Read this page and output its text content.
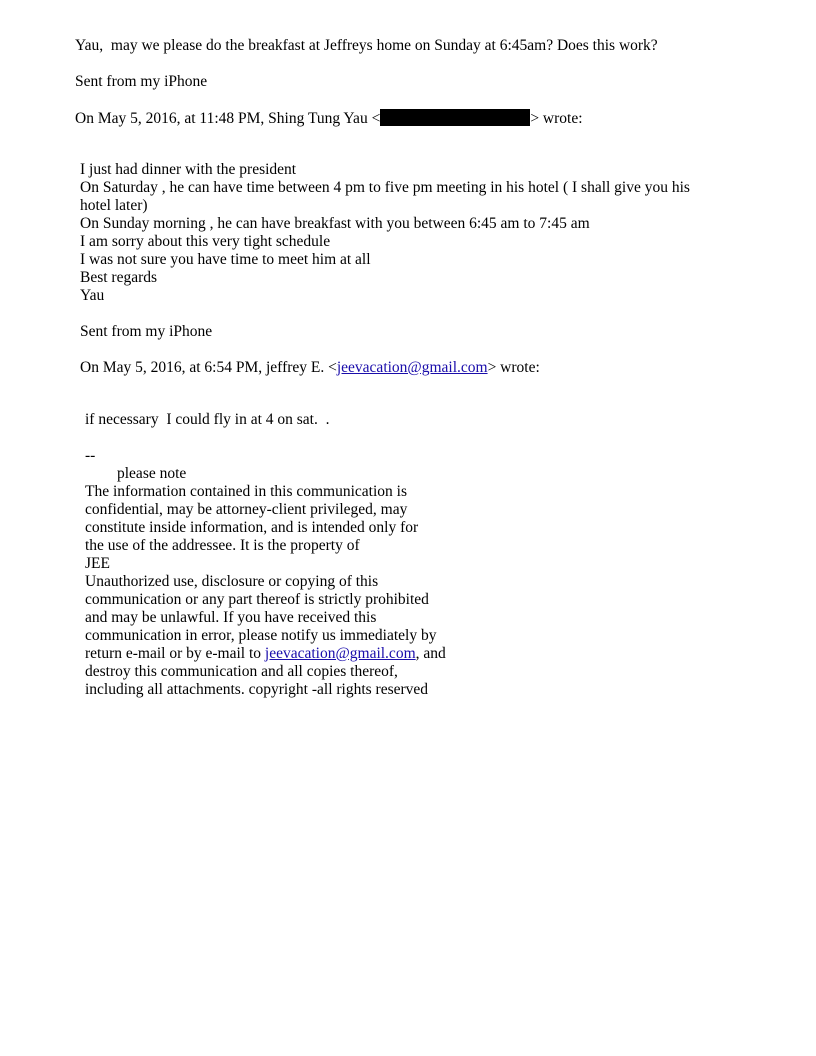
Yau,  may we please do the breakfast at Jeffreys home on Sunday at 6:45am? Does this work?
Sent from my iPhone
On May 5, 2016, at 11:48 PM, Shing Tung Yau <	> wrote:
I just had dinner with the president
On Saturday , he can have time between 4 pm to five pm meeting in his hotel ( I shall give you his
hotel later)
On Sunday morning , he can have breakfast with you between 6:45 am to 7:45 am
I am sorry about this very tight schedule
I was not sure you have time to meet him at all
Best regards
Yau
Sent from my iPhone
On May 5, 2016, at 6:54 PM, jeffrey E. <jeevacation@gmail.com> wrote:
if necessary  I could fly in at 4 on sat.  .
--
please note
The information contained in this communication is
confidential, may be attorney-client privileged, may
constitute inside information, and is intended only for
the use of the addressee. It is the property of
JEE
Unauthorized use, disclosure or copying of this
communication or any part thereof is strictly prohibited
and may be unlawful. If you have received this
communication in error, please notify us immediately by
return e-mail or by e-mail to jeevacation@gmail.com, and
destroy this communication and all copies thereof,
including all attachments. copyright -all rights reserved
